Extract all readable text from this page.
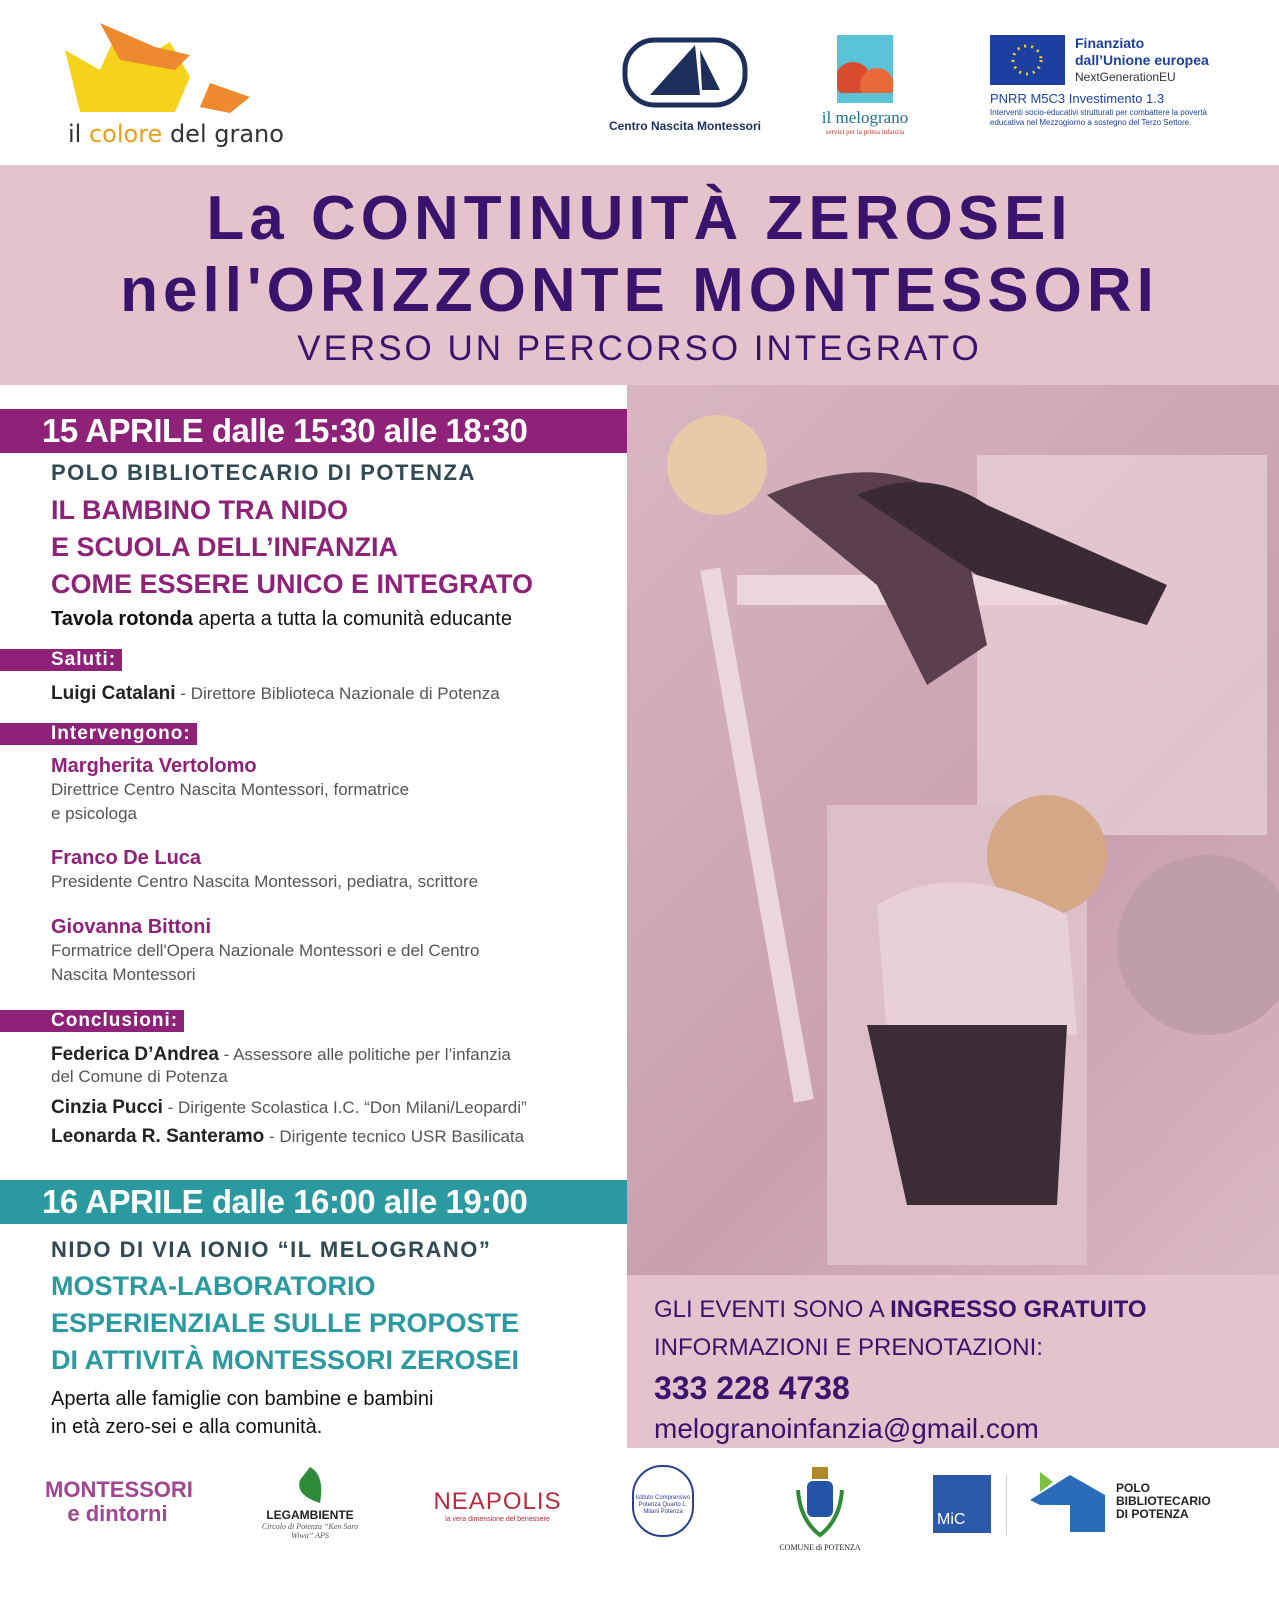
il colore del grano	Centro Nascita Montessori	il melograno
servizi per la prima infanzia
Finanziato
dall’Unione europea
NextGenerationEU
PNRR M5C3 Investimento 1.3
Interventi socio-educativi strutturati per combattere la povertà educativa nel Mezzogiorno a sostegno del Terzo Settore.
La CONTINUITÀ ZEROSEI
nell'ORIZZONTE MONTESSORI
VERSO UN PERCORSO INTEGRATO
15 APRILE dalle 15:30 alle 18:30
POLO BIBLIOTECARIO DI POTENZA
IL BAMBINO TRA NIDO
E SCUOLA DELL’INFANZIA
COME ESSERE UNICO E INTEGRATO
Tavola rotonda aperta a tutta la comunità educante
Saluti:
Luigi Catalani - Direttore Biblioteca Nazionale di Potenza
Intervengono:
Margherita Vertolomo
Direttrice Centro Nascita Montessori, formatrice
e psicologa
Franco De Luca
Presidente Centro Nascita Montessori, pediatra, scrittore
Giovanna Bittoni
Formatrice dell'Opera Nazionale Montessori e del Centro
Nascita Montessori
Conclusioni:
Federica D’Andrea - Assessore alle politiche per l’infanzia
del Comune di Potenza
Cinzia Pucci - Dirigente Scolastica I.C. “Don Milani/Leopardi”
Leonarda R. Santeramo - Dirigente tecnico USR Basilicata
16 APRILE dalle 16:00 alle 19:00
NIDO DI VIA IONIO “IL MELOGRANO”
MOSTRA-LABORATORIO
ESPERIENZIALE SULLE PROPOSTE
DI ATTIVITÀ MONTESSORI ZEROSEI
Aperta alle famiglie con bambine e bambini
in età zero-sei e alla comunità.
GLI EVENTI SONO A INGRESSO GRATUITO
INFORMAZIONI E PRENOTAZIONI:
333 228 4738
melograno​infanzia@gmail.com
MONTESSORI e dintorni	LEGAMBIENTE
Circolo di Potenza “Ken Saro Wiwa” APS
NEAPOLIS
la vera dimensione del benessere
Istituto Comprensivo Potenza Quarto L. Milani Potenza
COMUNE di POTENZA
MiC
POLO
BIBLIOTECARIO
DI POTENZA
